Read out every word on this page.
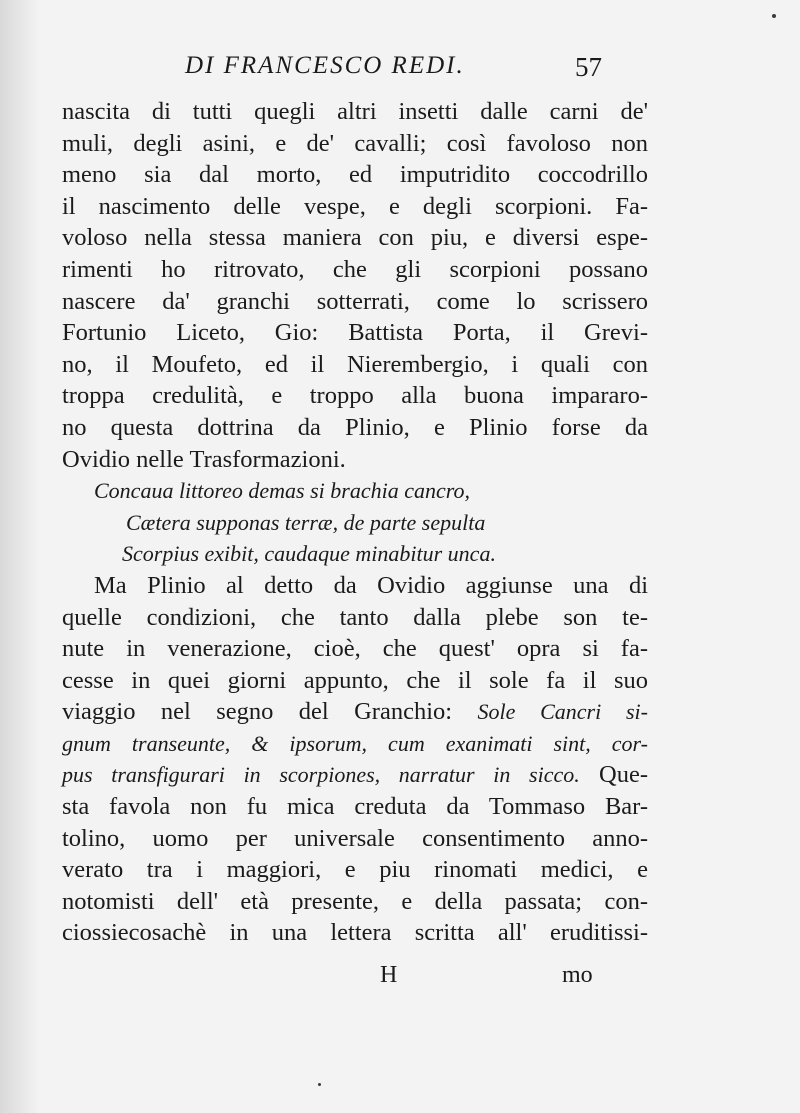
DI FRANCESCO REDI.	57
nascita di tutti quegli altri insetti dalle carni de'
muli, degli asini, e de' cavalli; così favoloso non
meno sia dal morto, ed imputridito coccodrillo
il nascimento delle vespe, e degli scorpioni. Fa-
voloso nella stessa maniera con piu, e diversi espe-
rimenti ho ritrovato, che gli scorpioni possano
nascere da' granchi sotterrati, come lo scrissero
Fortunio Liceto, Gio: Battista Porta, il Grevi-
no, il Moufeto, ed il Nierembergio, i quali con
troppa credulità, e troppo alla buona impararo-
no questa dottrina da Plinio, e Plinio forse da
Ovidio nelle Trasformazioni.
Concaua littoreo demas si brachia cancro,
Cætera supponas terræ, de parte sepulta
Scorpius exibit, caudaque minabitur unca.
Ma Plinio al detto da Ovidio aggiunse una di
quelle condizioni, che tanto dalla plebe son te-
nute in venerazione, cioè, che quest' opra si fa-
cesse in quei giorni appunto, che il sole fa il suo
viaggio nel segno del Granchio: Sole Cancri si-
gnum transeunte, & ipsorum, cum exanimati sint, cor-
pus transfigurari in scorpiones, narratur in sicco. Que-
sta favola non fu mica creduta da Tommaso Bar-
tolino, uomo per universale consentimento anno-
verato tra i maggiori, e piu rinomati medici, e
notomisti dell' età presente, e della passata; con-
ciossiecosachè in una lettera scritta all' eruditissi-
H	mo
